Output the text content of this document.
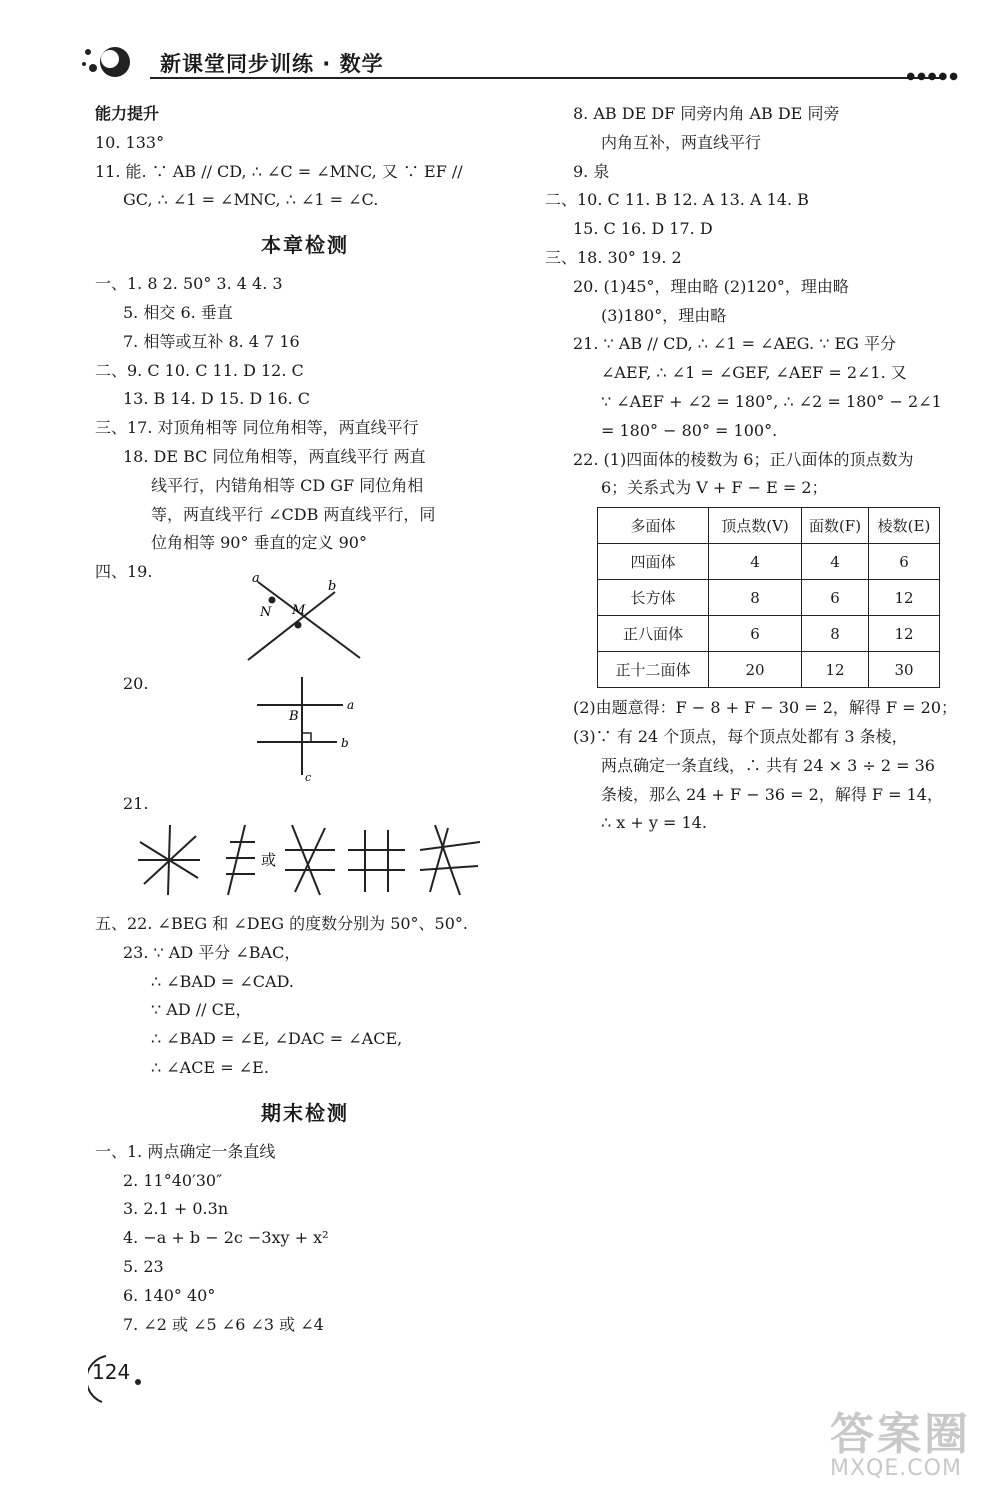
新课堂同步训练 · 数学
●●●●●
能力提升
10. 133°
11. 能. ∵ AB // CD, ∴ ∠C = ∠MNC, 又 ∵ EF //
GC, ∴ ∠1 = ∠MNC, ∴ ∠1 = ∠C.
本章检测
一、1. 8 2. 50° 3. 4 4. 3
5. 相交 6. 垂直
7. 相等或互补 8. 4 7 16
二、9. C 10. C 11. D 12. C
13. B 14. D 15. D 16. C
三、17. 对顶角相等 同位角相等，两直线平行
18. DE BC 同位角相等，两直线平行 两直
线平行，内错角相等 CD GF 同位角相
等，两直线平行 ∠CDB 两直线平行，同
位角相等 90° 垂直的定义 90°
四、19.	a
b
N M
20.
a
b
B
c
21.
或
五、22. ∠BEG 和 ∠DEG 的度数分别为 50°、50°.
23. ∵ AD 平分 ∠BAC，
∴ ∠BAD = ∠CAD.
∵ AD // CE，
∴ ∠BAD = ∠E, ∠DAC = ∠ACE,
∴ ∠ACE = ∠E.
期末检测
一、1. 两点确定一条直线
2. 11°40′30″
3. 2.1 + 0.3n
4. −a + b − 2c −3xy + x²
5. 23
6. 140° 40°
7. ∠2 或 ∠5 ∠6 ∠3 或 ∠4
8. AB DE DF 同旁内角 AB DE 同旁
内角互补，两直线平行
9. 泉
二、10. C 11. B 12. A 13. A 14. B
15. C 16. D 17. D
三、18. 30° 19. 2
20. (1)45°，理由略 (2)120°，理由略
(3)180°，理由略
21. ∵ AB // CD, ∴ ∠1 = ∠AEG. ∵ EG 平分
∠AEF, ∴ ∠1 = ∠GEF, ∠AEF = 2∠1. 又
∵ ∠AEF + ∠2 = 180°, ∴ ∠2 = 180° − 2∠1
= 180° − 80° = 100°.
22. (1)四面体的棱数为 6；正八面体的顶点数为
6；关系式为 V + F − E = 2；
多面体	顶点数(V)	面数(F)	棱数(E)
四面体	4	4	6
长方体	8	6	12
正八面体	6	8	12
正十二面体	20	12	30
(2)由题意得：F − 8 + F − 30 = 2，解得 F = 20；
(3)∵ 有 24 个顶点，每个顶点处都有 3 条棱，
两点确定一条直线，∴ 共有 24 × 3 ÷ 2 = 36
条棱，那么 24 + F − 36 = 2，解得 F = 14，
∴ x + y = 14.
124
答案圈
MXQE.COM
